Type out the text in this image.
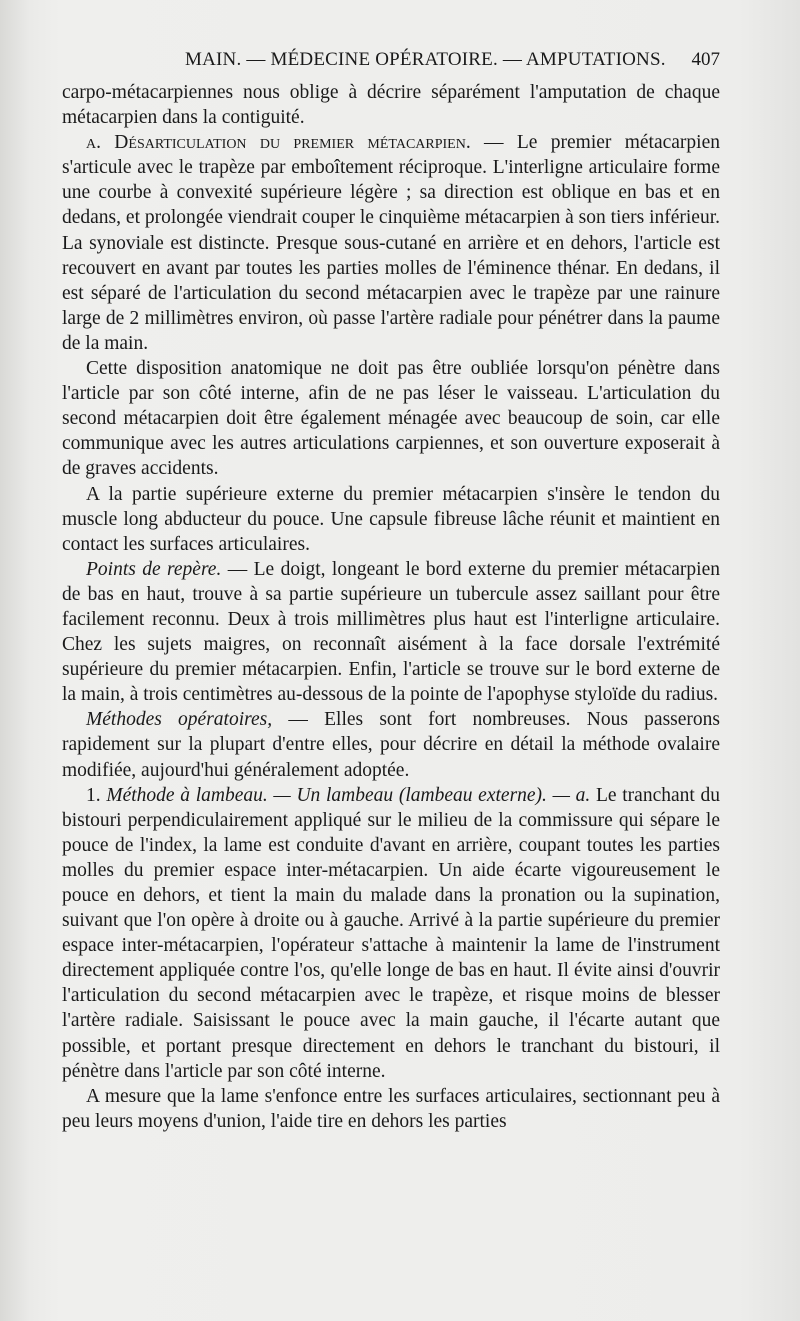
MAIN. — MÉDECINE OPÉRATOIRE. — AMPUTATIONS. 407

carpo-métacarpiennes nous oblige à décrire séparément l'amputation de chaque métacarpien dans la contiguité.

a. Désarticulation du premier métacarpien. — Le premier métacarpien s'articule avec le trapèze par emboîtement réciproque. L'interligne articulaire forme une courbe à convexité supérieure légère ; sa direction est oblique en bas et en dedans, et prolongée viendrait couper le cinquième métacarpien à son tiers inférieur. La synoviale est distincte. Presque sous-cutané en arrière et en dehors, l'article est recouvert en avant par toutes les parties molles de l'éminence thénar. En dedans, il est séparé de l'articulation du second métacarpien avec le trapèze par une rainure large de 2 millimètres environ, où passe l'artère radiale pour pénétrer dans la paume de la main.

Cette disposition anatomique ne doit pas être oubliée lorsqu'on pénètre dans l'article par son côté interne, afin de ne pas léser le vaisseau. L'articulation du second métacarpien doit être également ménagée avec beaucoup de soin, car elle communique avec les autres articulations carpiennes, et son ouverture exposerait à de graves accidents.

A la partie supérieure externe du premier métacarpien s'insère le tendon du muscle long abducteur du pouce. Une capsule fibreuse lâche réunit et maintient en contact les surfaces articulaires.

Points de repère. — Le doigt, longeant le bord externe du premier métacarpien de bas en haut, trouve à sa partie supérieure un tubercule assez saillant pour être facilement reconnu. Deux à trois millimètres plus haut est l'interligne articulaire. Chez les sujets maigres, on reconnaît aisément à la face dorsale l'extrémité supérieure du premier métacarpien. Enfin, l'article se trouve sur le bord externe de la main, à trois centimètres au-dessous de la pointe de l'apophyse styloïde du radius.

Méthodes opératoires, — Elles sont fort nombreuses. Nous passerons rapidement sur la plupart d'entre elles, pour décrire en détail la méthode ovalaire modifiée, aujourd'hui généralement adoptée.

1. Méthode à lambeau. — Un lambeau (lambeau externe). — a. Le tranchant du bistouri perpendiculairement appliqué sur le milieu de la commissure qui sépare le pouce de l'index, la lame est conduite d'avant en arrière, coupant toutes les parties molles du premier espace inter-métacarpien. Un aide écarte vigoureusement le pouce en dehors, et tient la main du malade dans la pronation ou la supination, suivant que l'on opère à droite ou à gauche. Arrivé à la partie supérieure du premier espace inter-métacarpien, l'opérateur s'attache à maintenir la lame de l'instrument directement appliquée contre l'os, qu'elle longe de bas en haut. Il évite ainsi d'ouvrir l'articulation du second métacarpien avec le trapèze, et risque moins de blesser l'artère radiale. Saisissant le pouce avec la main gauche, il l'écarte autant que possible, et portant presque directement en dehors le tranchant du bistouri, il pénètre dans l'article par son côté interne.

A mesure que la lame s'enfonce entre les surfaces articulaires, sectionnant peu à peu leurs moyens d'union, l'aide tire en dehors les parties
